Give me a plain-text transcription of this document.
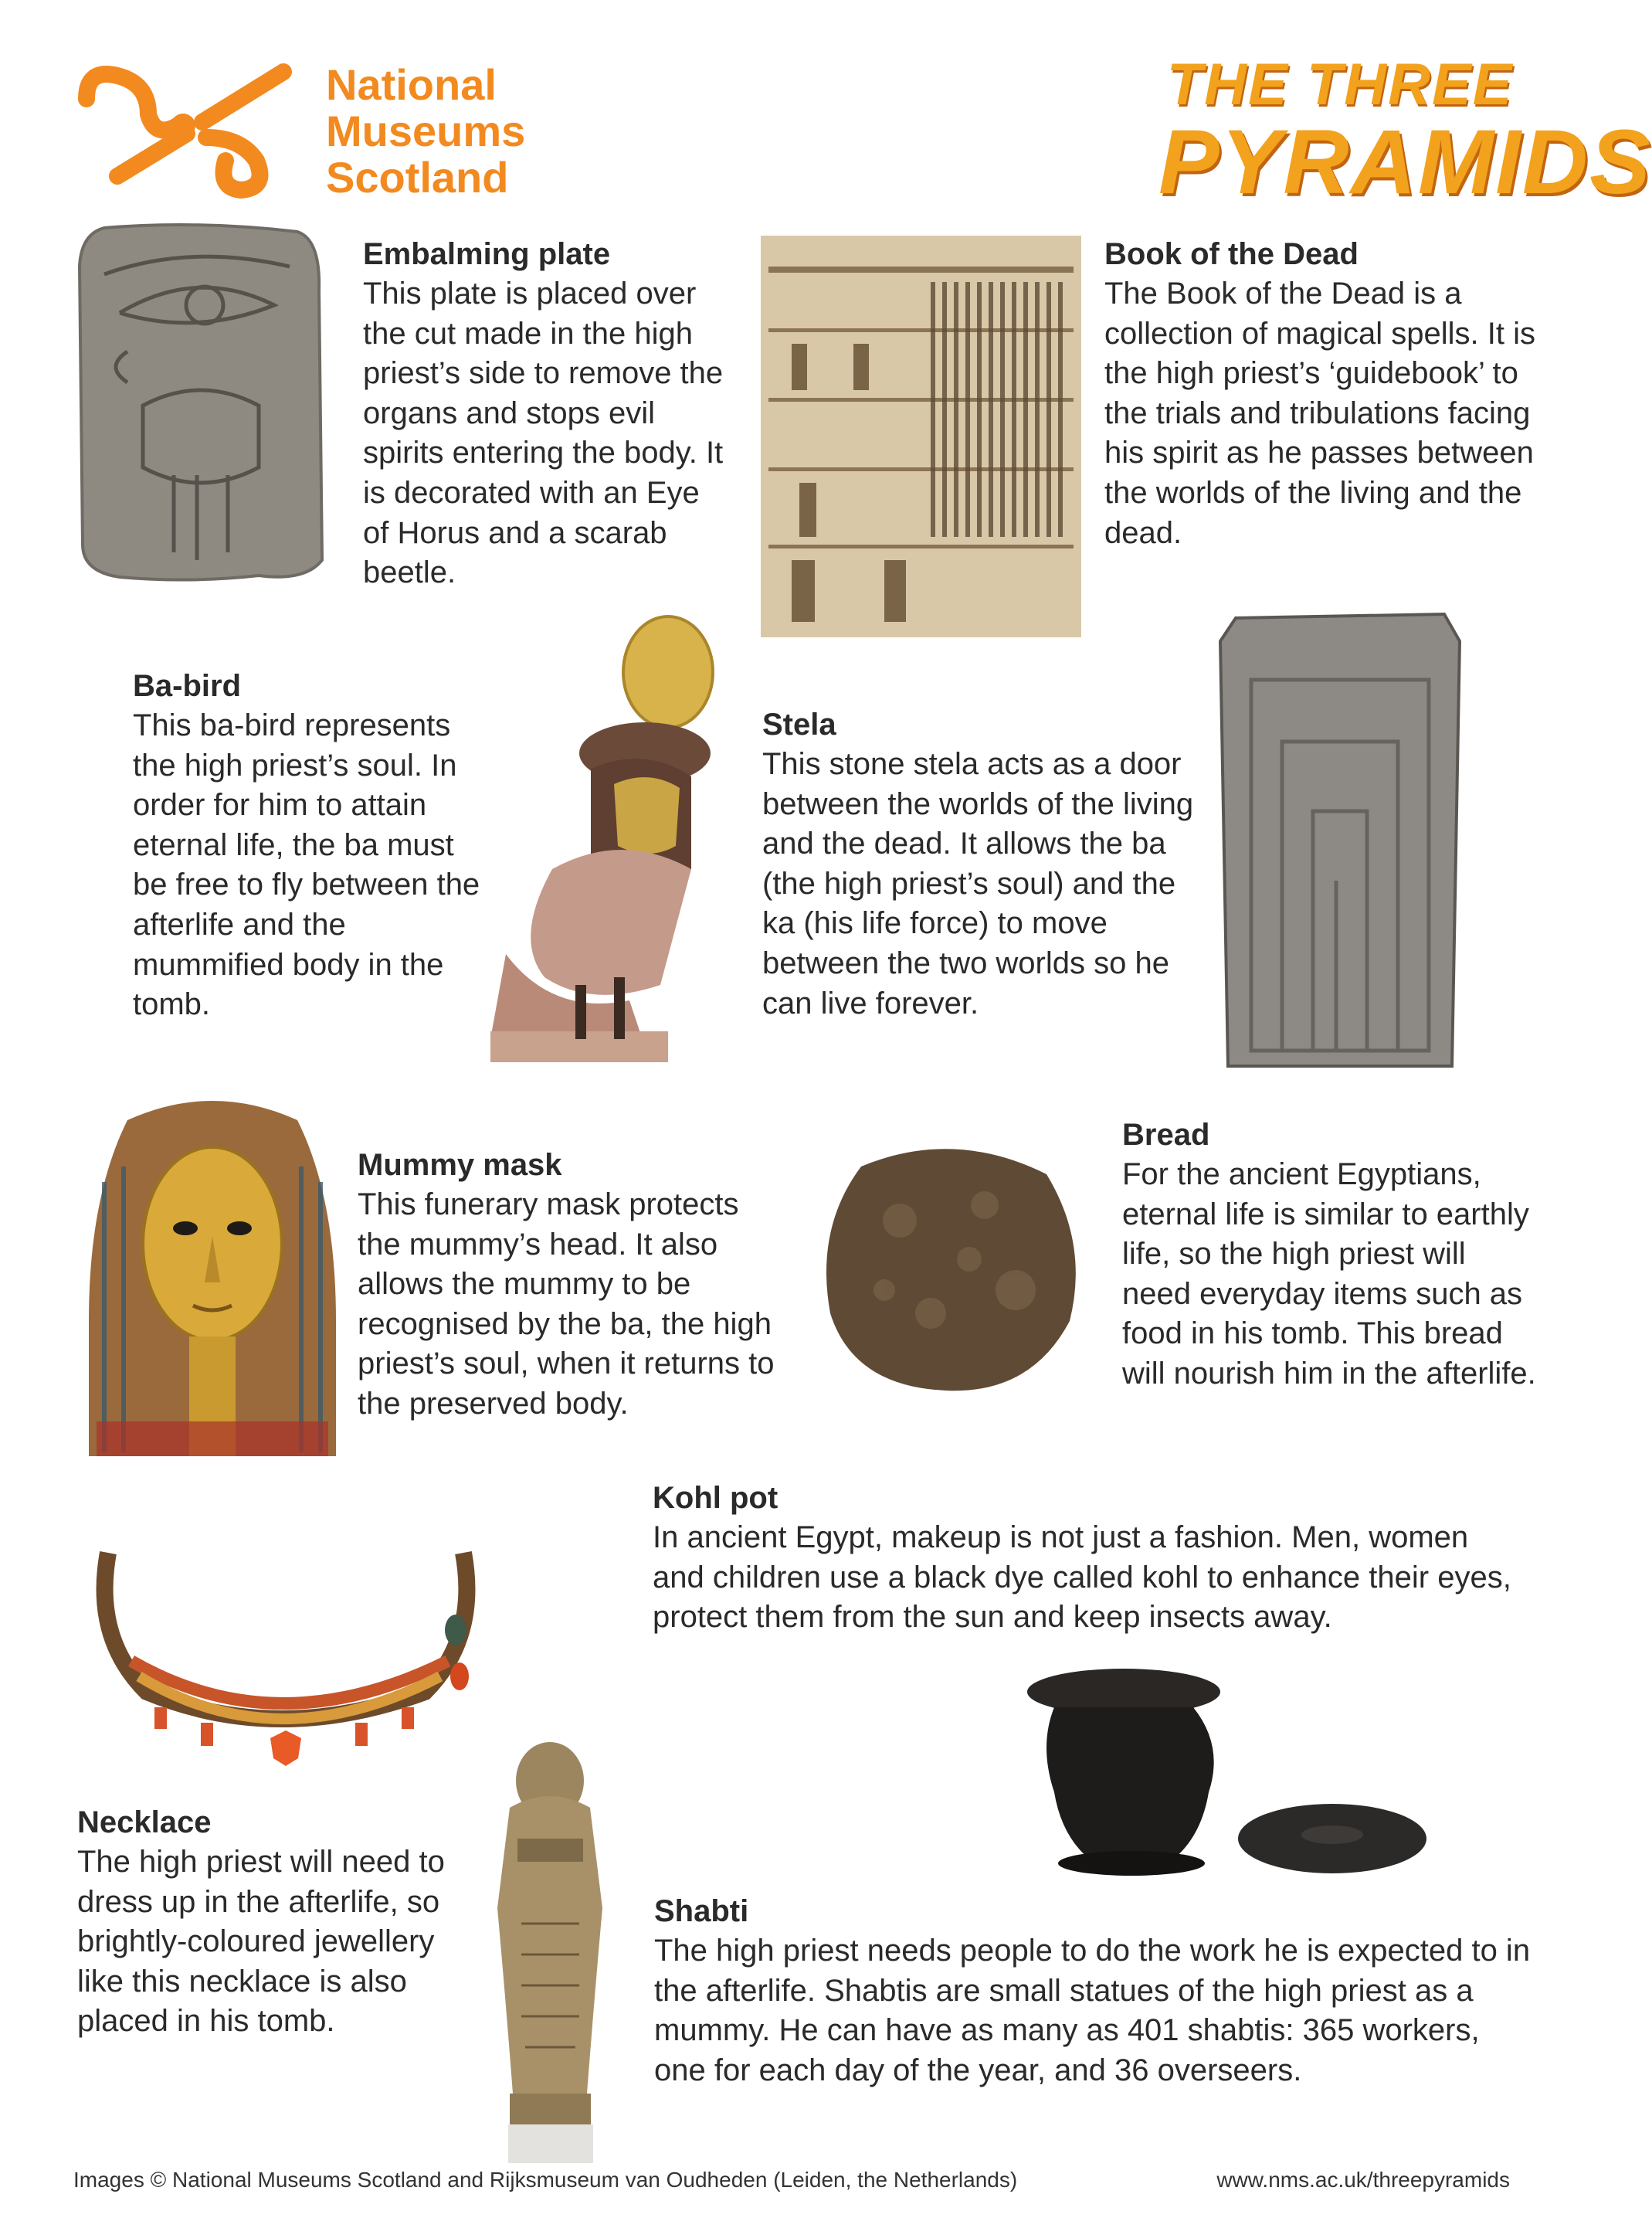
National
Museums
Scotland
THE THREE
PYRAMIDS
Embalming plate
This plate is placed over the cut made in the high priest’s side to remove the organs and stops evil spirits entering the body. It is decorated with an Eye of Horus and a scarab beetle.
Book of the Dead
The Book of the Dead is a collection of magical spells. It is the high priest’s ‘guidebook’ to the trials and tribulations facing his spirit as he passes between the worlds of the living and the dead.
Ba-bird
This ba-bird represents the high priest’s soul. In order for him to attain eternal life, the ba must be free to fly between the afterlife and the mummified body in the tomb.
Stela
This stone stela acts as a door between the worlds of the living and the dead. It allows the ba (the high priest’s soul) and the ka (his life force) to move between the two worlds so he can live forever.
Mummy mask
This funerary mask protects the mummy’s head. It also allows the mummy to be recognised by the ba, the high priest’s soul, when it returns to the preserved body.
Bread
For the ancient Egyptians, eternal life is similar to earthly life, so the high priest will need everyday items such as food in his tomb. This bread will nourish him in the afterlife.
Kohl pot
In ancient Egypt, makeup is not just a fashion. Men, women and children use a black dye called kohl to enhance their eyes, protect them from the sun and keep insects away.
Necklace
The high priest will need to dress up in the afterlife, so brightly-coloured jewellery like this necklace is also placed in his tomb.
Shabti
The high priest needs people to do the work he is expected to in the afterlife. Shabtis are small statues of the high priest as a mummy. He can have as many as 401 shabtis: 365 workers, one for each day of the year, and 36 overseers.
Images © National Museums Scotland and Rijksmuseum van Oudheden (Leiden, the Netherlands)	www.nms.ac.uk/threepyramids
